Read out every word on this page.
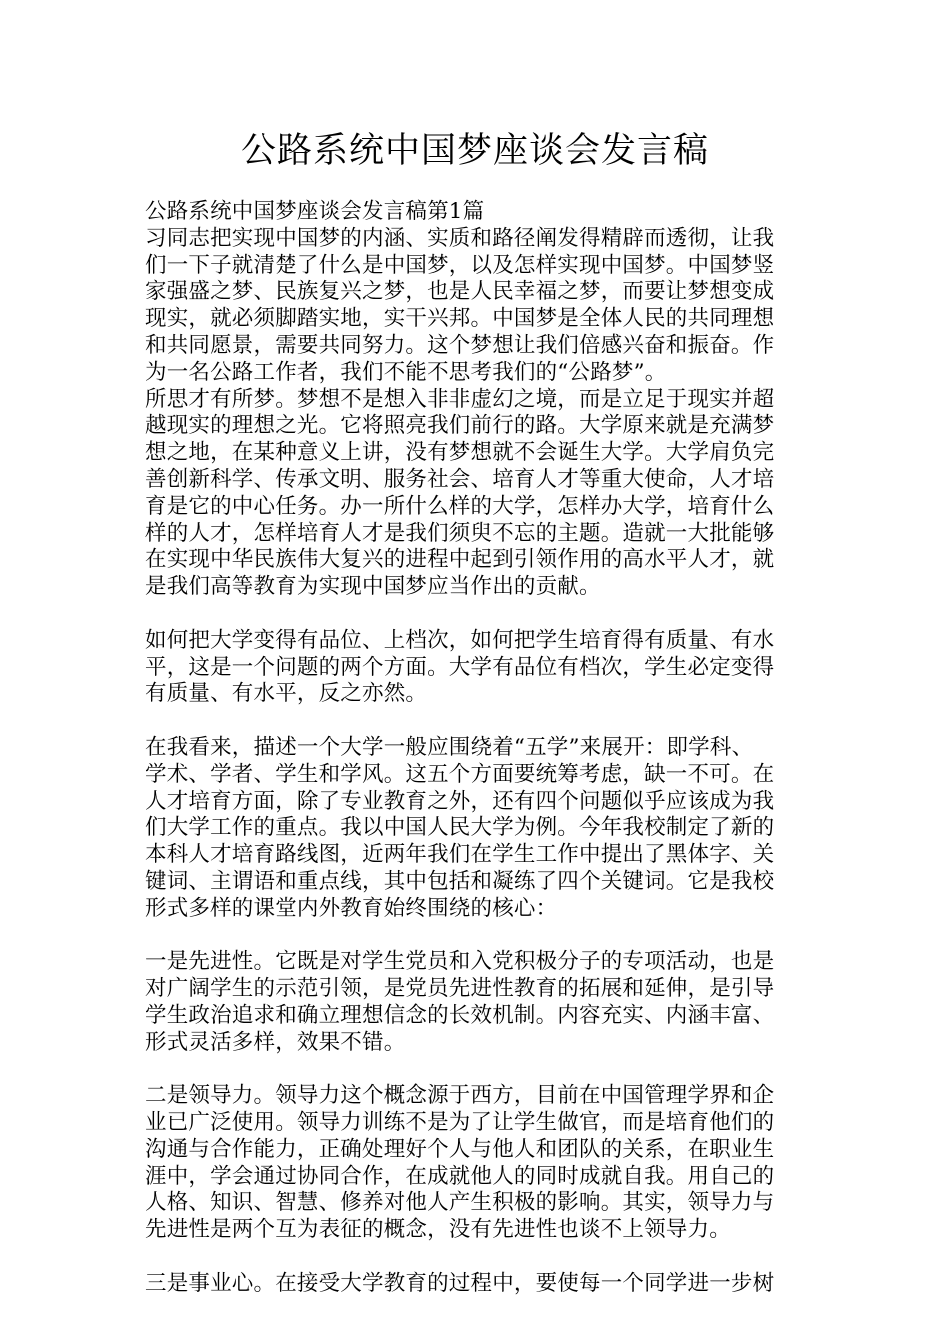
公路系统中国梦座谈会发言稿
公路系统中国梦座谈会发言稿第1篇
习同志把实现中国梦的内涵、实质和路径阐发得精辟而透彻，让我
们一下子就清楚了什么是中国梦，以及怎样实现中国梦。中国梦竖
家强盛之梦、民族复兴之梦，也是人民幸福之梦，而要让梦想变成
现实，就必须脚踏实地，实干兴邦。中国梦是全体人民的共同理想
和共同愿景，需要共同努力。这个梦想让我们倍感兴奋和振奋。作
为一名公路工作者，我们不能不思考我们的“公路梦”。
所思才有所梦。梦想不是想入非非虚幻之境，而是立足于现实并超
越现实的理想之光。它将照亮我们前行的路。大学原来就是充满梦
想之地，在某种意义上讲，没有梦想就不会诞生大学。大学肩负完
善创新科学、传承文明、服务社会、培育人才等重大使命，人才培
育是它的中心任务。办一所什么样的大学，怎样办大学，培育什么
样的人才，怎样培育人才是我们须臾不忘的主题。造就一大批能够
在实现中华民族伟大复兴的进程中起到引领作用的高水平人才，就
是我们高等教育为实现中国梦应当作出的贡献。
如何把大学变得有品位、上档次，如何把学生培育得有质量、有水
平，这是一个问题的两个方面。大学有品位有档次，学生必定变得
有质量、有水平，反之亦然。
在我看来，描述一个大学一般应围绕着“五学”来展开：即学科、
学术、学者、学生和学风。这五个方面要统筹考虑，缺一不可。在
人才培育方面，除了专业教育之外，还有四个问题似乎应该成为我
们大学工作的重点。我以中国人民大学为例。今年我校制定了新的
本科人才培育路线图，近两年我们在学生工作中提出了黑体字、关
键词、主谓语和重点线，其中包括和凝练了四个关键词。它是我校
形式多样的课堂内外教育始终围绕的核心：
一是先进性。它既是对学生党员和入党积极分子的专项活动，也是
对广阔学生的示范引领，是党员先进性教育的拓展和延伸，是引导
学生政治追求和确立理想信念的长效机制。内容充实、内涵丰富、
形式灵活多样，效果不错。
二是领导力。领导力这个概念源于西方，目前在中国管理学界和企
业已广泛使用。领导力训练不是为了让学生做官，而是培育他们的
沟通与合作能力，正确处理好个人与他人和团队的关系，在职业生
涯中，学会通过协同合作，在成就他人的同时成就自我。用自己的
人格、知识、智慧、修养对他人产生积极的影响。其实，领导力与
先进性是两个互为表征的概念，没有先进性也谈不上领导力。
三是事业心。在接受大学教育的过程中，要使每一个同学进一步树
